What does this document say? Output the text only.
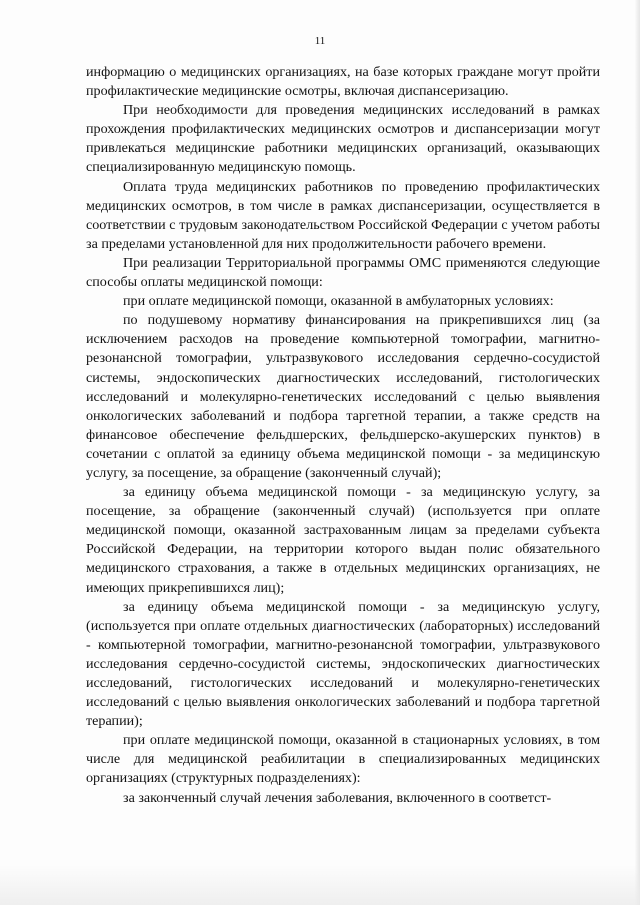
11

информацию о медицинских организациях, на базе которых граждане могут пройти профилактические медицинские осмотры, включая диспансеризацию.

При необходимости для проведения медицинских исследований в рамках прохождения профилактических медицинских осмотров и диспансеризации могут привлекаться медицинские работники медицинских организаций, оказывающих специализированную медицинскую помощь.

Оплата труда медицинских работников по проведению профилактических медицинских осмотров, в том числе в рамках диспансеризации, осуществляется в соответствии с трудовым законодательством Российской Федерации с учетом работы за пределами установленной для них продолжительности рабочего времени.

При реализации Территориальной программы ОМС применяются следующие способы оплаты медицинской помощи:

при оплате медицинской помощи, оказанной в амбулаторных условиях:

по подушевому нормативу финансирования на прикрепившихся лиц (за исключением расходов на проведение компьютерной томографии, магнитно-резонансной томографии, ультразвукового исследования сердечно-сосудистой системы, эндоскопических диагностических исследований, гистологических исследований и молекулярно-генетических исследований с целью выявления онкологических заболеваний и подбора таргетной терапии, а также средств на финансовое обеспечение фельдшерских, фельдшерско-акушерских пунктов) в сочетании с оплатой за единицу объема медицинской помощи - за медицинскую услугу, за посещение, за обращение (законченный случай);

за единицу объема медицинской помощи - за медицинскую услугу, за посещение, за обращение (законченный случай) (используется при оплате медицинской помощи, оказанной застрахованным лицам за пределами субъекта Российской Федерации, на территории которого выдан полис обязательного медицинского страхования, а также в отдельных медицинских организациях, не имеющих прикрепившихся лиц);

за единицу объема медицинской помощи - за медицинскую услугу, (используется при оплате отдельных диагностических (лабораторных) исследований - компьютерной томографии, магнитно-резонансной томографии, ультразвукового исследования сердечно-сосудистой системы, эндоскопических диагностических исследований, гистологических исследований и молекулярно-генетических исследований с целью выявления онкологических заболеваний и подбора таргетной терапии);

при оплате медицинской помощи, оказанной в стационарных условиях, в том числе для медицинской реабилитации в специализированных медицинских организациях (структурных подразделениях):

за законченный случай лечения заболевания, включенного в соответст-
